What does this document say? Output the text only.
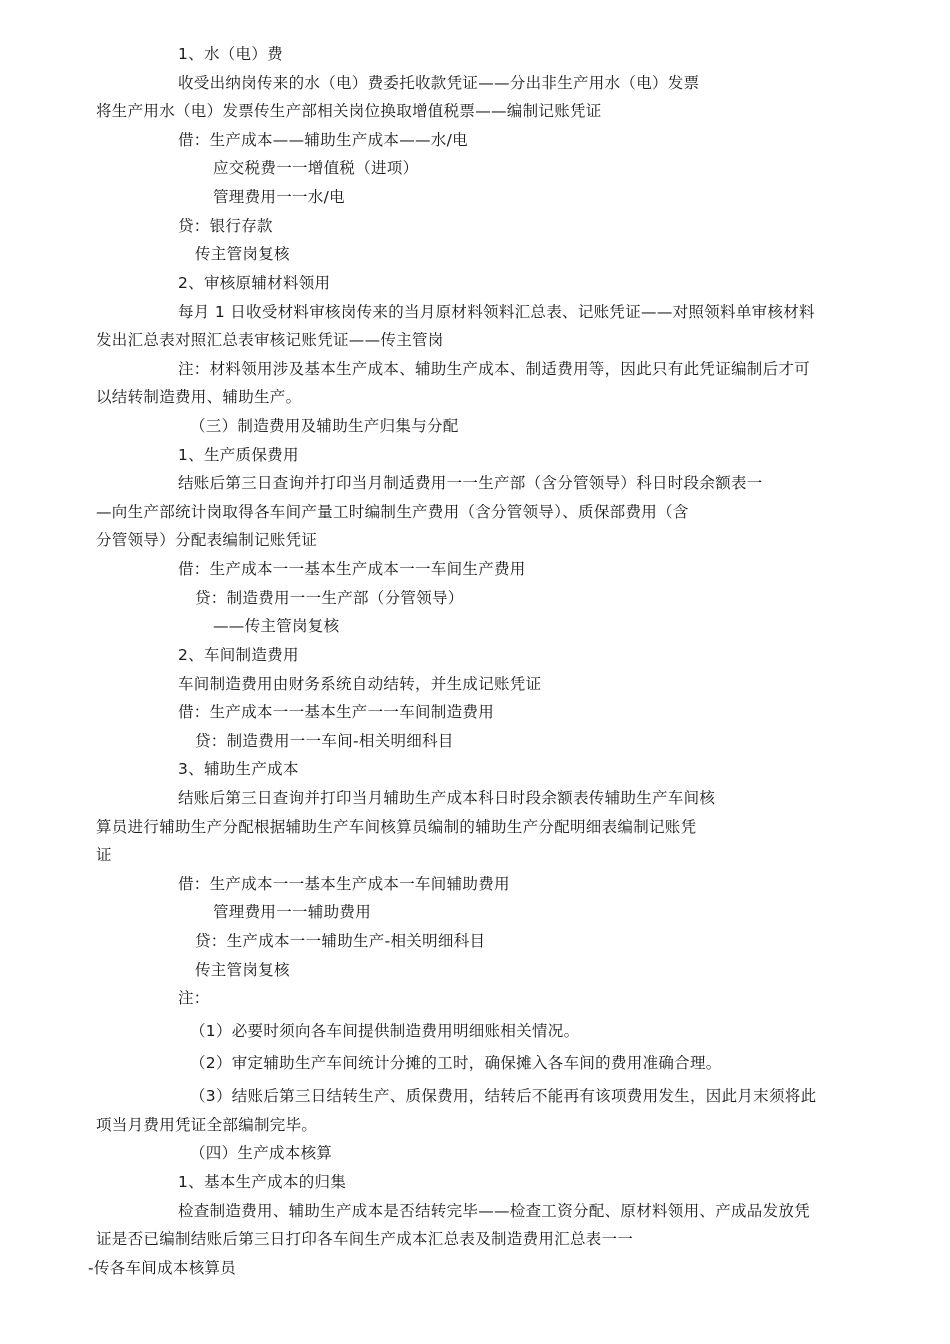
1、水（电）费
收受出纳岗传来的水（电）费委托收款凭证——分出非生产用水（电）发票
将生产用水（电）发票传生产部相关岗位换取增值税票——编制记账凭证
借：生产成本——辅助生产成本——水/电
应交税费一一增值税（进项）
管理费用一一水/电
贷：银行存款
传主管岗复核
2、审核原辅材料领用
每月 1 日收受材料审核岗传来的当月原材料领料汇总表、记账凭证——对照领料单审核材料
发出汇总表对照汇总表审核记账凭证——传主管岗
注：材料领用涉及基本生产成本、辅助生产成本、制适费用等，因此只有此凭证编制后才可
以结转制造费用、辅助生产。
（三）制造费用及辅助生产归集与分配
1、生产质保费用
结账后第三日查询并打印当月制适费用一一生产部（含分管领导）科日时段余额表一
—向生产部统计岗取得各车间产量工时编制生产费用（含分管领导）、质保部费用（含
分管领导）分配表编制记账凭证
借：生产成本一一基本生产成本一一车间生产费用
贷：制造费用一一生产部（分管领导）
——传主管岗复核
2、车间制造费用
车间制造费用由财务系统自动结转，并生成记账凭证
借：生产成本一一基本生产一一车间制造费用
贷：制造费用一一车间-相关明细科目
3、辅助生产成本
结账后第三日查询并打印当月辅助生产成本科日时段余额表传辅助生产车间核
算员进行辅助生产分配根据辅助生产车间核算员编制的辅助生产分配明细表编制记账凭
证
借：生产成本一一基本生产成本一车间辅助费用
管理费用一一辅助费用
贷：生产成本一一辅助生产-相关明细科目
传主管岗复核
注：
（1）必要时须向各车间提供制造费用明细账相关情况。
（2）审定辅助生产车间统计分摊的工时，确保摊入各车间的费用准确合理。
（3）结账后第三日结转生产、质保费用，结转后不能再有该项费用发生，因此月末须将此
项当月费用凭证全部编制完毕。
（四）生产成本核算
1、基本生产成本的归集
检查制造费用、辅助生产成本是否结转完毕——检查工资分配、原材料领用、产成品发放凭
证是否已编制结账后第三日打印各车间生产成本汇总表及制造费用汇总表一一
-传各车间成本核算员
